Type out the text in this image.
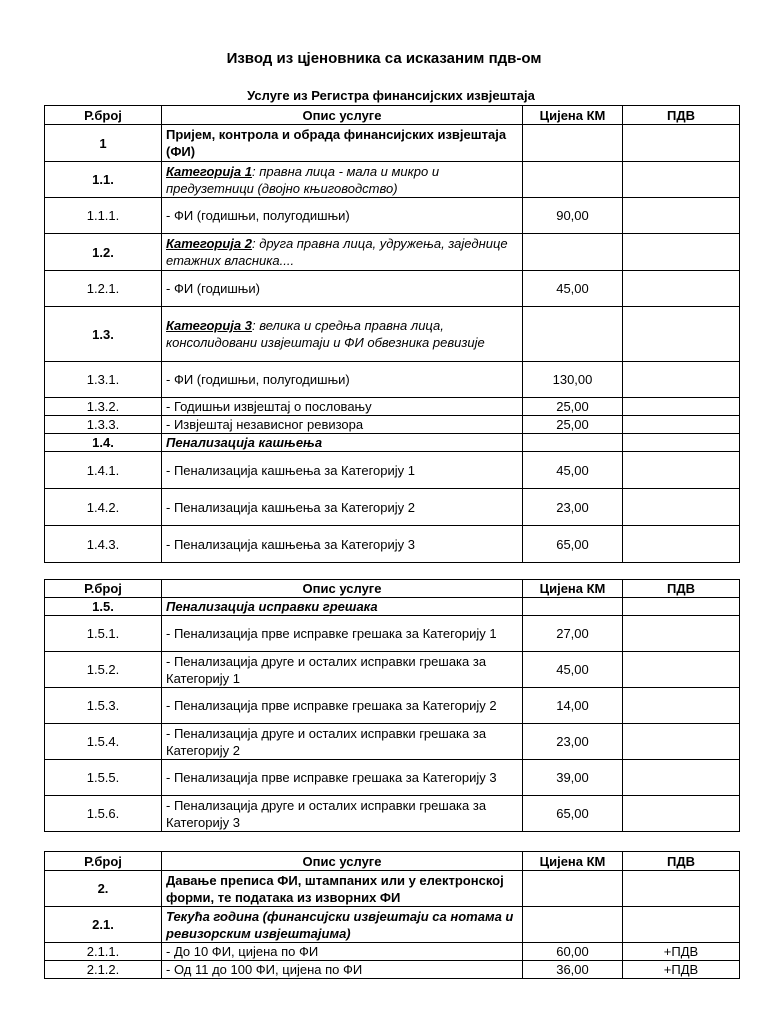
Извод из цјеновника са исказаним пдв-ом
Услуге из Регистра финансијских извјештаја
Р.број	Опис услуге	Цијена КМ	ПДВ
1	Пријем, контрола и обрада финансијских извјештаја (ФИ)		
1.1.	Категорија 1: правна лица - мала и микро и предузетници (двојно књиговодство)		
1.1.1.	- ФИ (годишњи, полугодишњи)	90,00	
1.2.	Категорија 2: друга правна лица, удружења, заједнице етажних власника....		
1.2.1.	- ФИ (годишњи)	45,00	
1.3.	Категорија 3: велика и средња правна лица, консолидовани извјештаји и ФИ обвезника ревизије		
1.3.1.	- ФИ (годишњи, полугодишњи)	130,00	
1.3.2.	- Годишњи извјештај о пословању	25,00	
1.3.3.	- Извјештај независног ревизора	25,00	
1.4.	Пенализација кашњења		
1.4.1.	- Пенализација кашњења за Категорију 1	45,00	
1.4.2.	- Пенализација кашњења за Категорију 2	23,00	
1.4.3.	- Пенализација кашњења за Категорију 3	65,00	
Р.број	Опис услуге	Цијена КМ	ПДВ
1.5.	Пенализација исправки грешака		
1.5.1.	- Пенализација прве исправке грешака за Категорију 1	27,00	
1.5.2.	- Пенализација друге и осталих исправки грешака за Категорију 1	45,00	
1.5.3.	- Пенализација прве исправке грешака за Категорију 2	14,00	
1.5.4.	- Пенализација друге и осталих исправки грешака за Категорију 2	23,00	
1.5.5.	- Пенализација прве исправке грешака за Категорију 3	39,00	
1.5.6.	- Пенализација друге и осталих исправки грешака за Категорију 3	65,00	
Р.број	Опис услуге	Цијена КМ	ПДВ
2.	Давање преписа ФИ, штампаних или у електронској форми, те података из изворних ФИ		
2.1.	Текућа година (финансијски извјештаји са нотама и ревизорским извјештајима)		
2.1.1.	- До 10 ФИ, цијена по ФИ	60,00	+ПДВ
2.1.2.	- Од 11 до 100 ФИ, цијена по ФИ	36,00	+ПДВ
